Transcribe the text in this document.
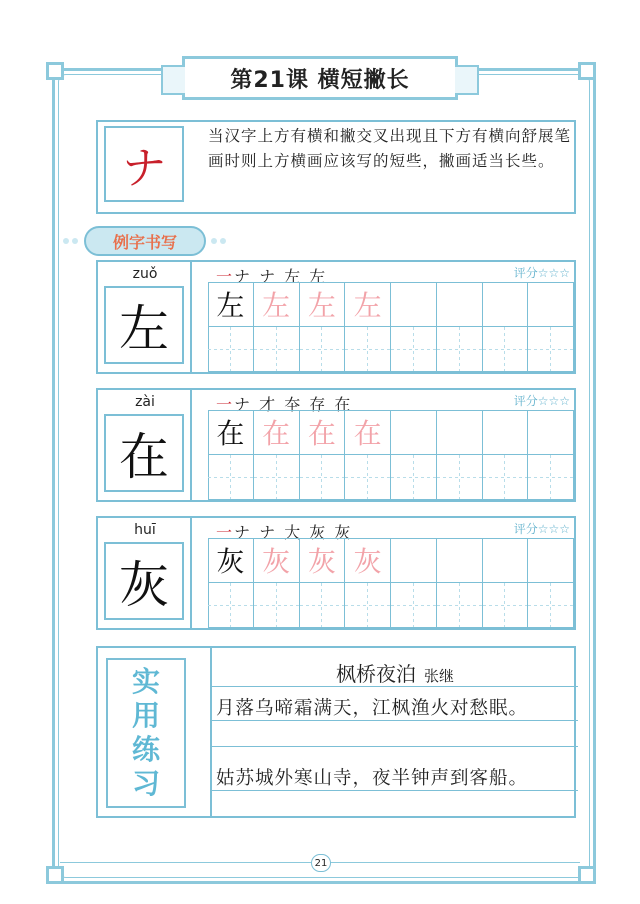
第21课 横短撇长
ナ
当汉字上方有横和撇交叉出现且下方有横向舒展笔画时则上方横画应该写的短些，撇画适当长些。
例字书写
zuǒ
左
一ナ ナ 左 左	评分☆☆☆
左 左 左 左
zài
在
一ナ 才 夲 存 在	评分☆☆☆
在 在 在 在
huī
灰
一ナ ナ 大 灰 灰	评分☆☆☆
灰 灰 灰 灰
实
用
练
习
枫桥夜泊 张继
月落乌啼霜满天，江枫渔火对愁眠。
姑苏城外寒山寺，夜半钟声到客船。
21
